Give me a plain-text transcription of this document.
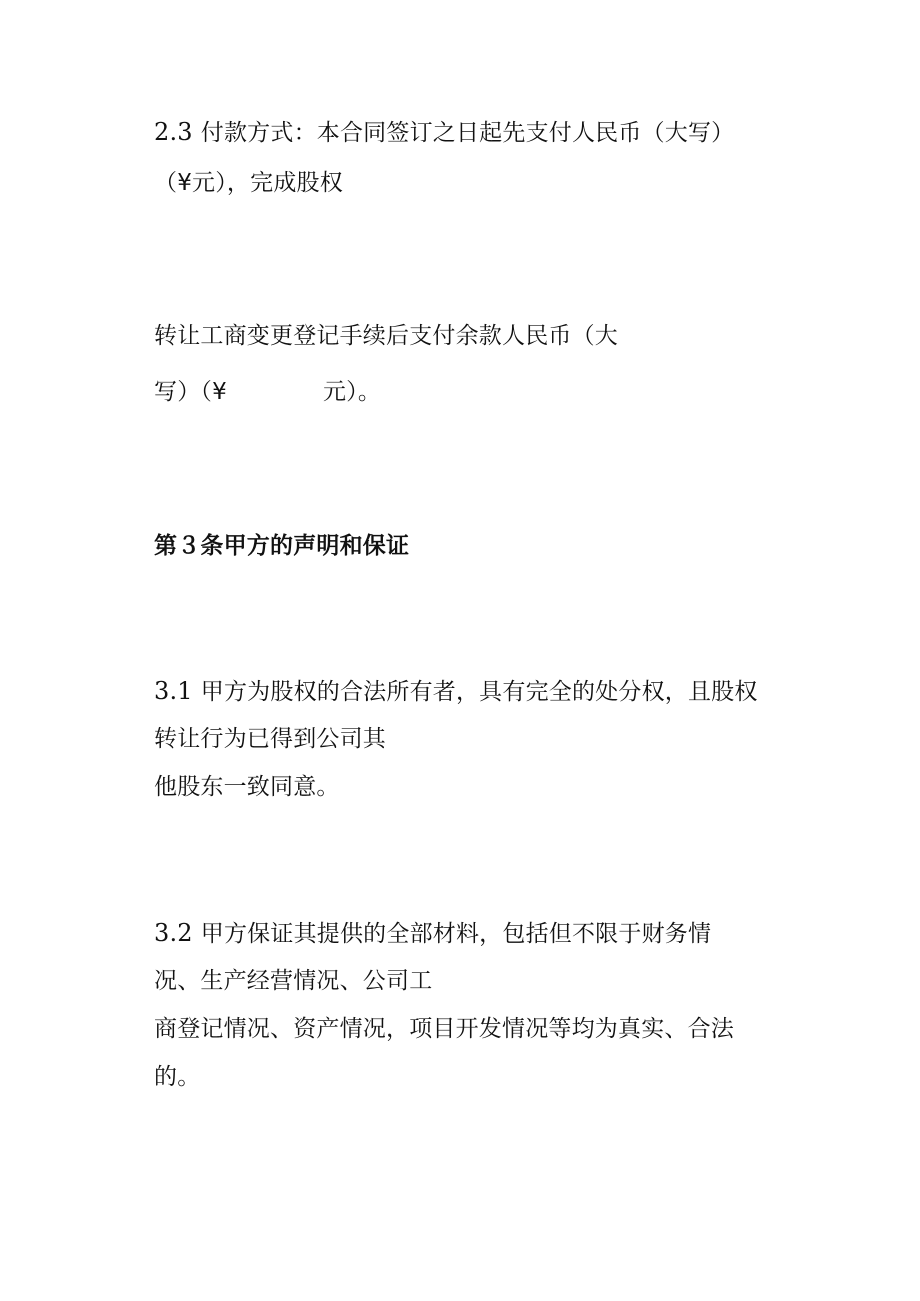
2.3 付款方式：本合同签订之日起先支付人民币（大写）
（¥元），完成股权
转让工商变更登记手续后支付余款人民币（大
写）（¥	元）。
第３条甲方的声明和保证
3.1 甲方为股权的合法所有者，具有完全的处分权，且股权
转让行为已得到公司其
他股东一致同意。
3.2 甲方保证其提供的全部材料，包括但不限于财务情
况、生产经营情况、公司工
商登记情况、资产情况，项目开发情况等均为真实、合法
的。
